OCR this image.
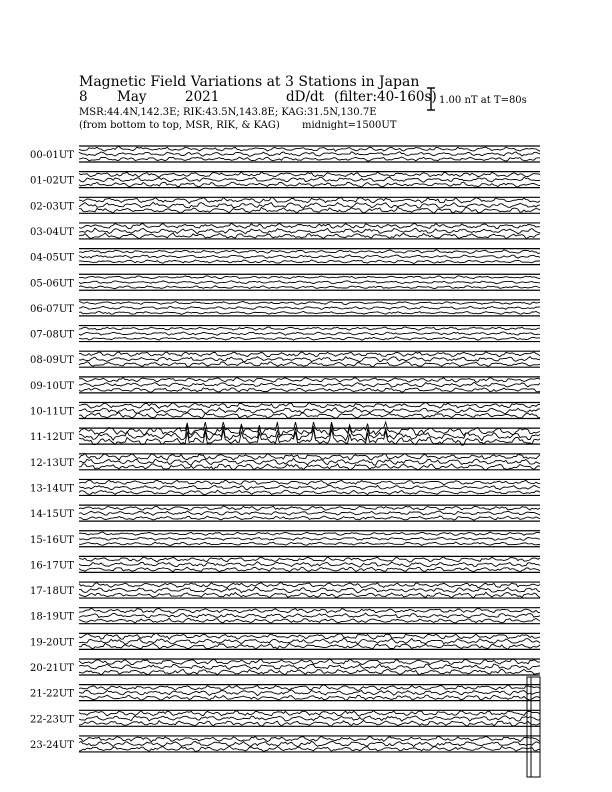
Magnetic Field Variations at 3 Stations in Japan
8 May	2021	dD/dt (filter:40-160s)
MSR:44.4N,142.3E; RIK:43.5N,143.8E; KAG:31.5N,130.7E
(from bottom to top, MSR, RIK, & KAG) midnight=1500UT
1.00 nT at T=80s
00-01UT
01-02UT
02-03UT
03-04UT
04-05UT
05-06UT
06-07UT
07-08UT
08-09UT
09-10UT
10-11UT
11-12UT
12-13UT
13-14UT
14-15UT
15-16UT
16-17UT
17-18UT
18-19UT
19-20UT
20-21UT
21-22UT
22-23UT
23-24UT
